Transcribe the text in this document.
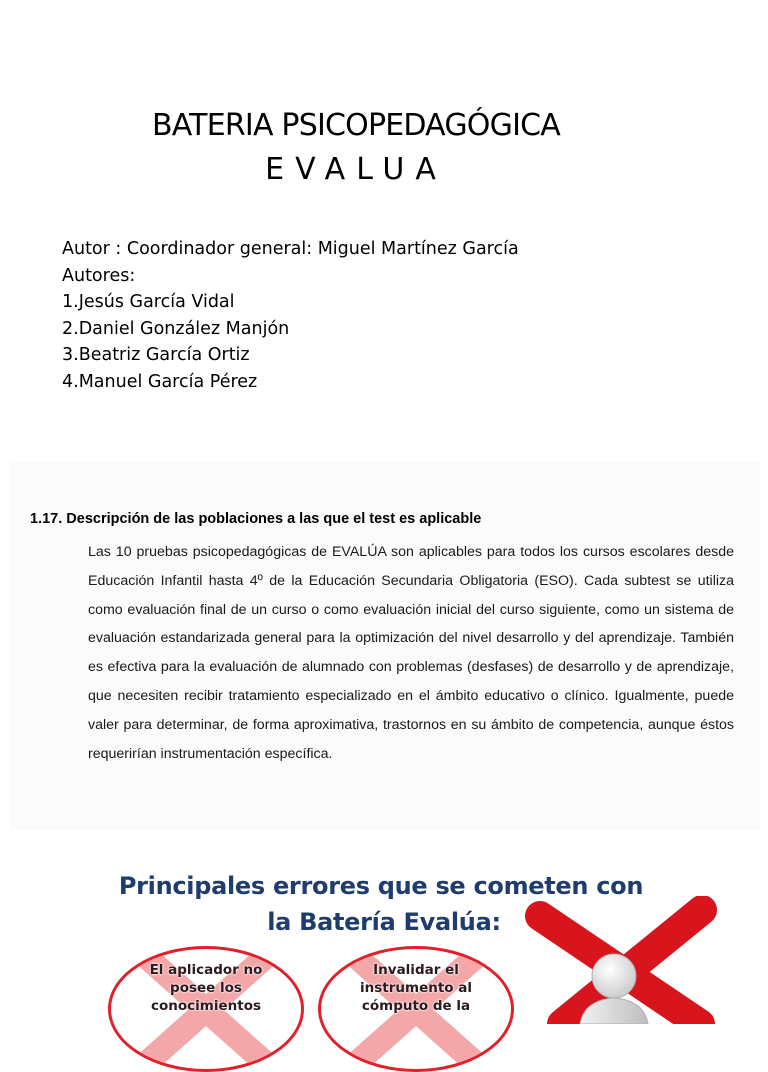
BATERIA PSICOPEDAGÓGICA
EVALUA
Autor : Coordinador general: Miguel Martínez García
Autores:
1.Jesús García Vidal
2.Daniel González Manjón
3.Beatriz García Ortiz
4.Manuel García Pérez
1.17. Descripción de las poblaciones a las que el test es aplicable
Las 10 pruebas psicopedagógicas de EVALÚA son aplicables para todos los cursos escolares desde Educación Infantil hasta 4º de la Educación Secundaria Obligatoria (ESO). Cada subtest se utiliza como evaluación final de un curso o como evaluación inicial del curso siguiente, como un sistema de evaluación estandarizada general para la optimización del nivel desarrollo y del aprendizaje. También es efectiva para la evaluación de alumnado con problemas (desfases) de desarrollo y de aprendizaje, que necesiten recibir tratamiento especializado en el ámbito educativo o clínico. Igualmente, puede valer para determinar, de forma aproximativa, trastornos en su ámbito de competencia, aunque éstos requerirían instrumentación específica.
Principales errores que se cometen con
la Batería Evalúa:
El aplicador no
posee los
conocimientos
Invalidar el
instrumento al
cómputo de la
